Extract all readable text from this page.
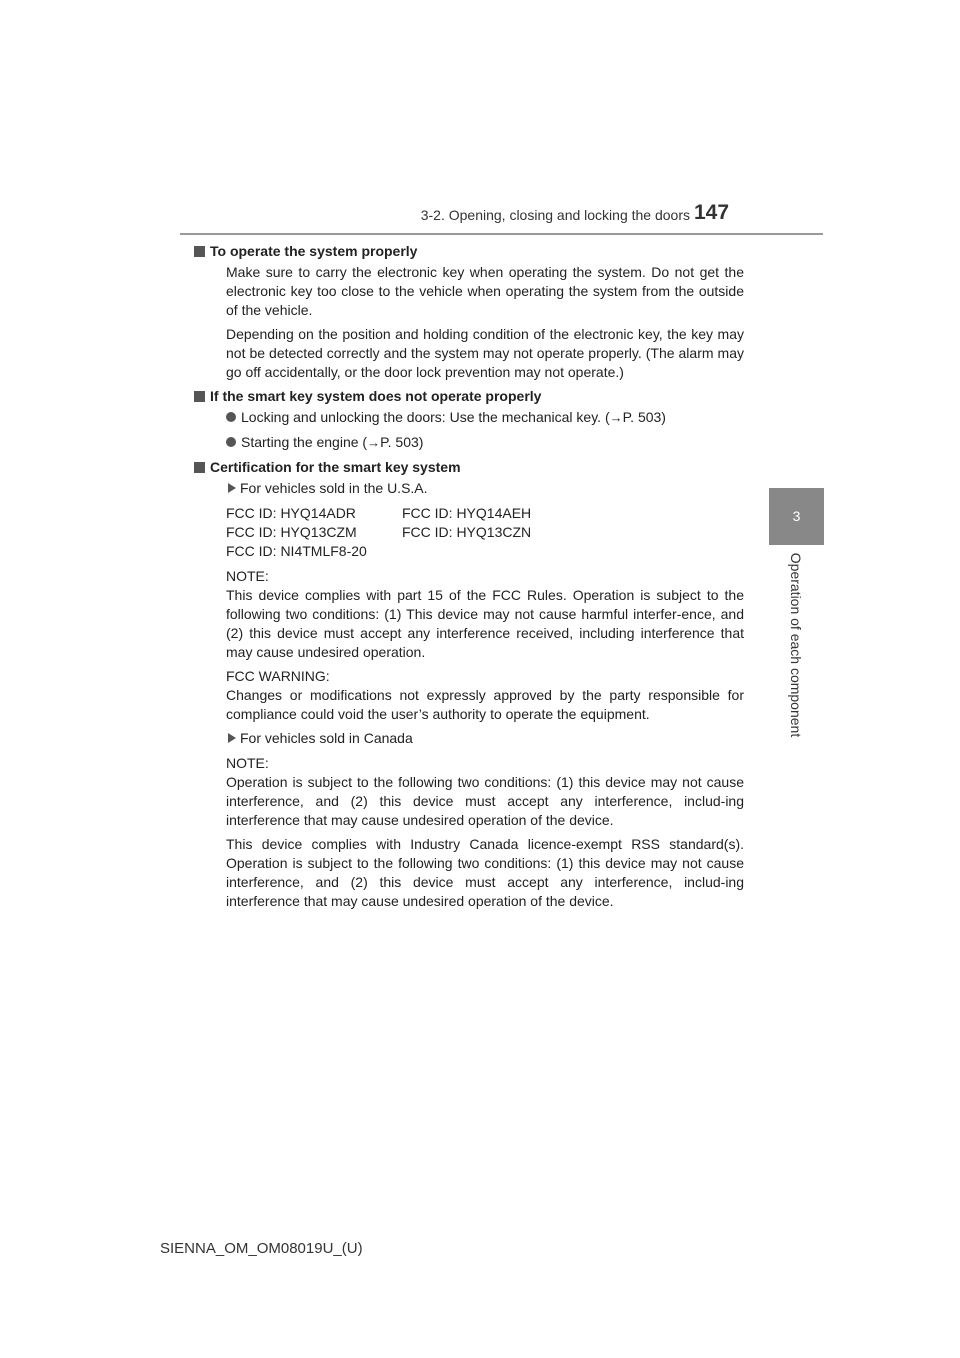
3-2. Opening, closing and locking the doors 147
3
Operation of each component
To operate the system properly
Make sure to carry the electronic key when operating the system. Do not get the electronic key too close to the vehicle when operating the system from the outside of the vehicle.
Depending on the position and holding condition of the electronic key, the key may not be detected correctly and the system may not operate properly. (The alarm may go off accidentally, or the door lock prevention may not operate.)
If the smart key system does not operate properly
Locking and unlocking the doors: Use the mechanical key. (→P. 503)
Starting the engine (→P. 503)
Certification for the smart key system
For vehicles sold in the U.S.A.
FCC ID: HYQ14ADR	FCC ID: HYQ14AEH
FCC ID: HYQ13CZM	FCC ID: HYQ13CZN
FCC ID: NI4TMLF8-20
NOTE:
This device complies with part 15 of the FCC Rules. Operation is subject to the following two conditions: (1) This device may not cause harmful interfer-ence, and (2) this device must accept any interference received, including interference that may cause undesired operation.
FCC WARNING:
Changes or modifications not expressly approved by the party responsible for compliance could void the user’s authority to operate the equipment.
For vehicles sold in Canada
NOTE:
Operation is subject to the following two conditions: (1) this device may not cause interference, and (2) this device must accept any interference, includ-ing interference that may cause undesired operation of the device.
This device complies with Industry Canada licence-exempt RSS standard(s). Operation is subject to the following two conditions: (1) this device may not cause interference, and (2) this device must accept any interference, includ-ing interference that may cause undesired operation of the device.
SIENNA_OM_OM08019U_(U)
